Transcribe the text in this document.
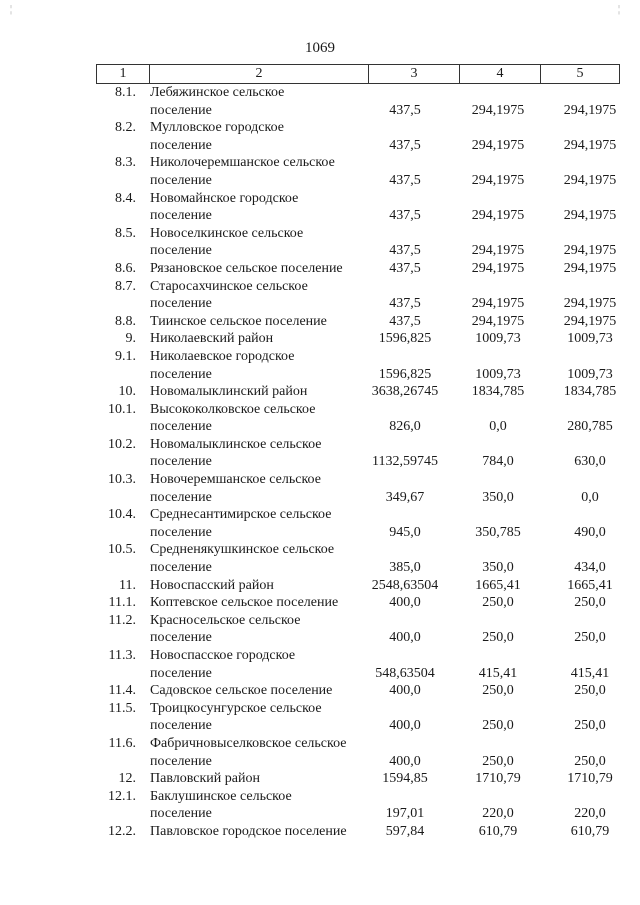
1069
1	2	3	4	5
8.1. Лебяжинское сельское
поселение	437,5	294,1975	294,1975
8.2. Мулловское городское
поселение	437,5	294,1975	294,1975
8.3. Николочеремшанское сельское
поселение	437,5	294,1975	294,1975
8.4. Новомайнское городское
поселение	437,5	294,1975	294,1975
8.5. Новоселкинское сельское
поселение	437,5	294,1975	294,1975
8.6. Рязановское сельское поселение	437,5	294,1975	294,1975
8.7. Старосахчинское сельское
поселение	437,5	294,1975	294,1975
8.8. Тиинское сельское поселение	437,5	294,1975	294,1975
9. Николаевский район	1596,825	1009,73	1009,73
9.1. Николаевское городское
поселение	1596,825	1009,73	1009,73
10. Новомалыклинский район	3638,26745	1834,785	1834,785
10.1. Высококолковское сельское
поселение	826,0	0,0	280,785
10.2. Новомалыклинское сельское
поселение	1132,59745	784,0	630,0
10.3. Новочеремшанское сельское
поселение	349,67	350,0	0,0
10.4. Среднесантимирское сельское
поселение	945,0	350,785	490,0
10.5. Средненякушкинское сельское
поселение	385,0	350,0	434,0
11. Новоспасский район	2548,63504	1665,41	1665,41
11.1. Коптевское сельское поселение	400,0	250,0	250,0
11.2. Красносельское сельское
поселение	400,0	250,0	250,0
11.3. Новоспасское городское
поселение	548,63504	415,41	415,41
11.4. Садовское сельское поселение	400,0	250,0	250,0
11.5. Троицкосунгурское сельское
поселение	400,0	250,0	250,0
11.6. Фабричновыселковское сельское
поселение	400,0	250,0	250,0
12. Павловский район	1594,85	1710,79	1710,79
12.1. Баклушинское сельское
поселение	197,01	220,0	220,0
12.2. Павловское городское поселение	597,84	610,79	610,79
¦	¦
